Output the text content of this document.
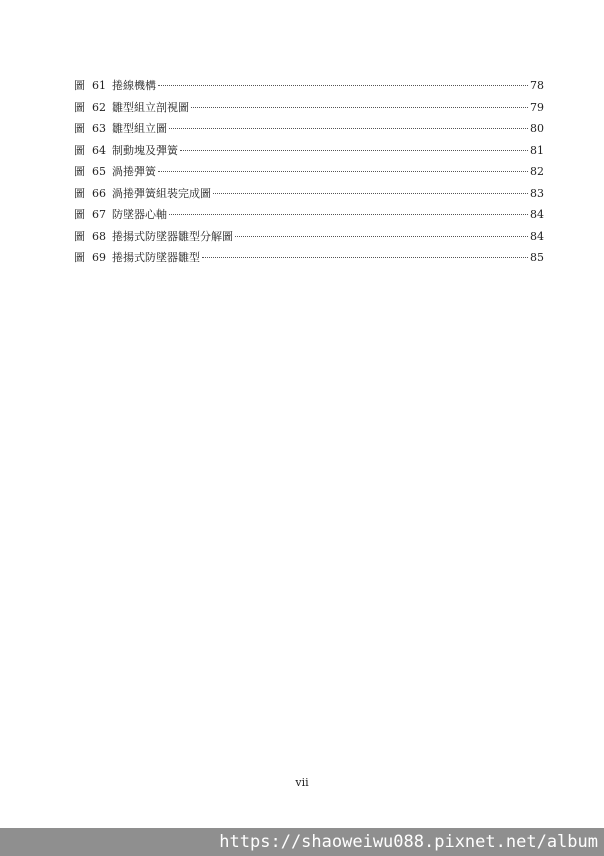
圖 61 捲線機構	78
圖 62 雛型組立剖視圖	79
圖 63 雛型組立圖	80
圖 64 制動塊及彈簧	81
圖 65 渦捲彈簧	82
圖 66 渦捲彈簧組裝完成圖	83
圖 67 防墜器心軸	84
圖 68 捲揚式防墜器雛型分解圖	84
圖 69 捲揚式防墜器雛型	85
vii
https://shaoweiwu088.pixnet.net/album
